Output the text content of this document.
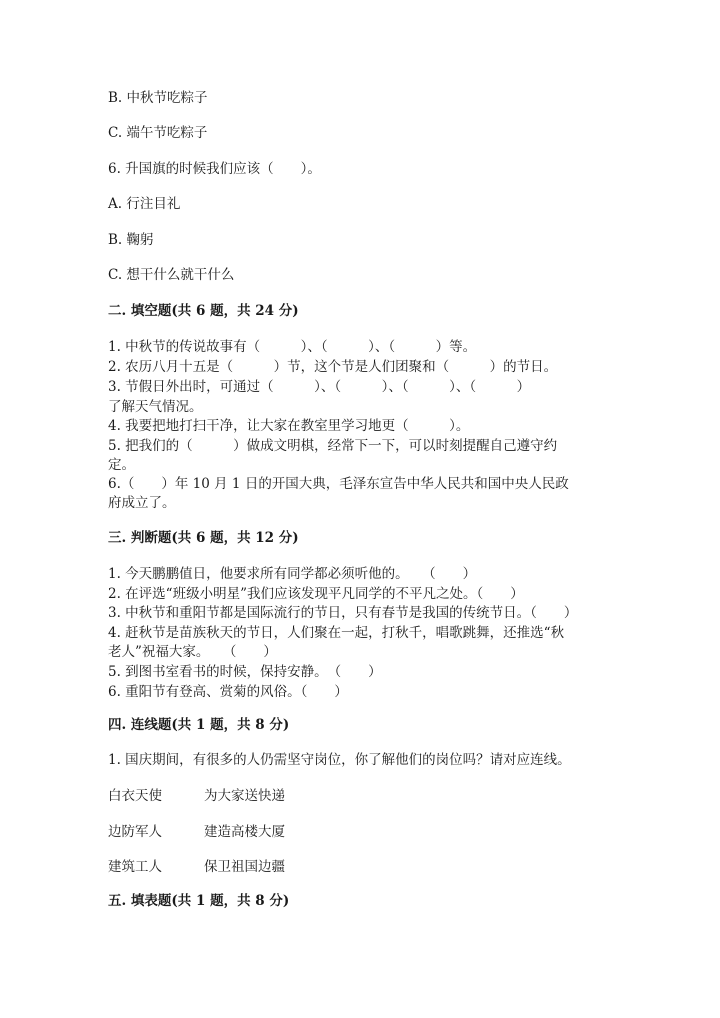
B. 中秋节吃粽子
C. 端午节吃粽子
6. 升国旗的时候我们应该（　　）。
A. 行注目礼
B. 鞠躬
C. 想干什么就干什么
二. 填空题(共 6 题，共 24 分)
1. 中秋节的传说故事有（　　　）、（　　　）、（　　　）等。
2. 农历八月十五是（　　　）节，这个节是人们团聚和（　　　）的节日。
3. 节假日外出时，可通过（　　　）、（　　　）、（　　　）、（　　　）
了解天气情况。
4. 我要把地打扫干净，让大家在教室里学习地更（　　　）。
5. 把我们的（　　　）做成文明棋，经常下一下，可以时刻提醒自己遵守约
定。
6.（　　）年 10 月 1 日的开国大典，毛泽东宣告中华人民共和国中央人民政
府成立了。
三. 判断题(共 6 题，共 12 分)
1. 今天鹏鹏值日，他要求所有同学都必须听他的。　　（　　）
2. 在评选“班级小明星”我们应该发现平凡同学的不平凡之处。（　　）
3. 中秋节和重阳节都是国际流行的节日，只有春节是我国的传统节日。（　　）
4. 赶秋节是苗族秋天的节日，人们聚在一起，打秋千，唱歌跳舞，还推选“秋
老人”祝福大家。　　（　　）
5. 到图书室看书的时候，保持安静。　（　　）
6. 重阳节有登高、赏菊的风俗。（　　）
四. 连线题(共 1 题，共 8 分)
1. 国庆期间，有很多的人仍需坚守岗位，你了解他们的岗位吗？请对应连线。
白衣天使	为大家送快递
边防军人	建造高楼大厦
建筑工人	保卫祖国边疆
五. 填表题(共 1 题，共 8 分)
